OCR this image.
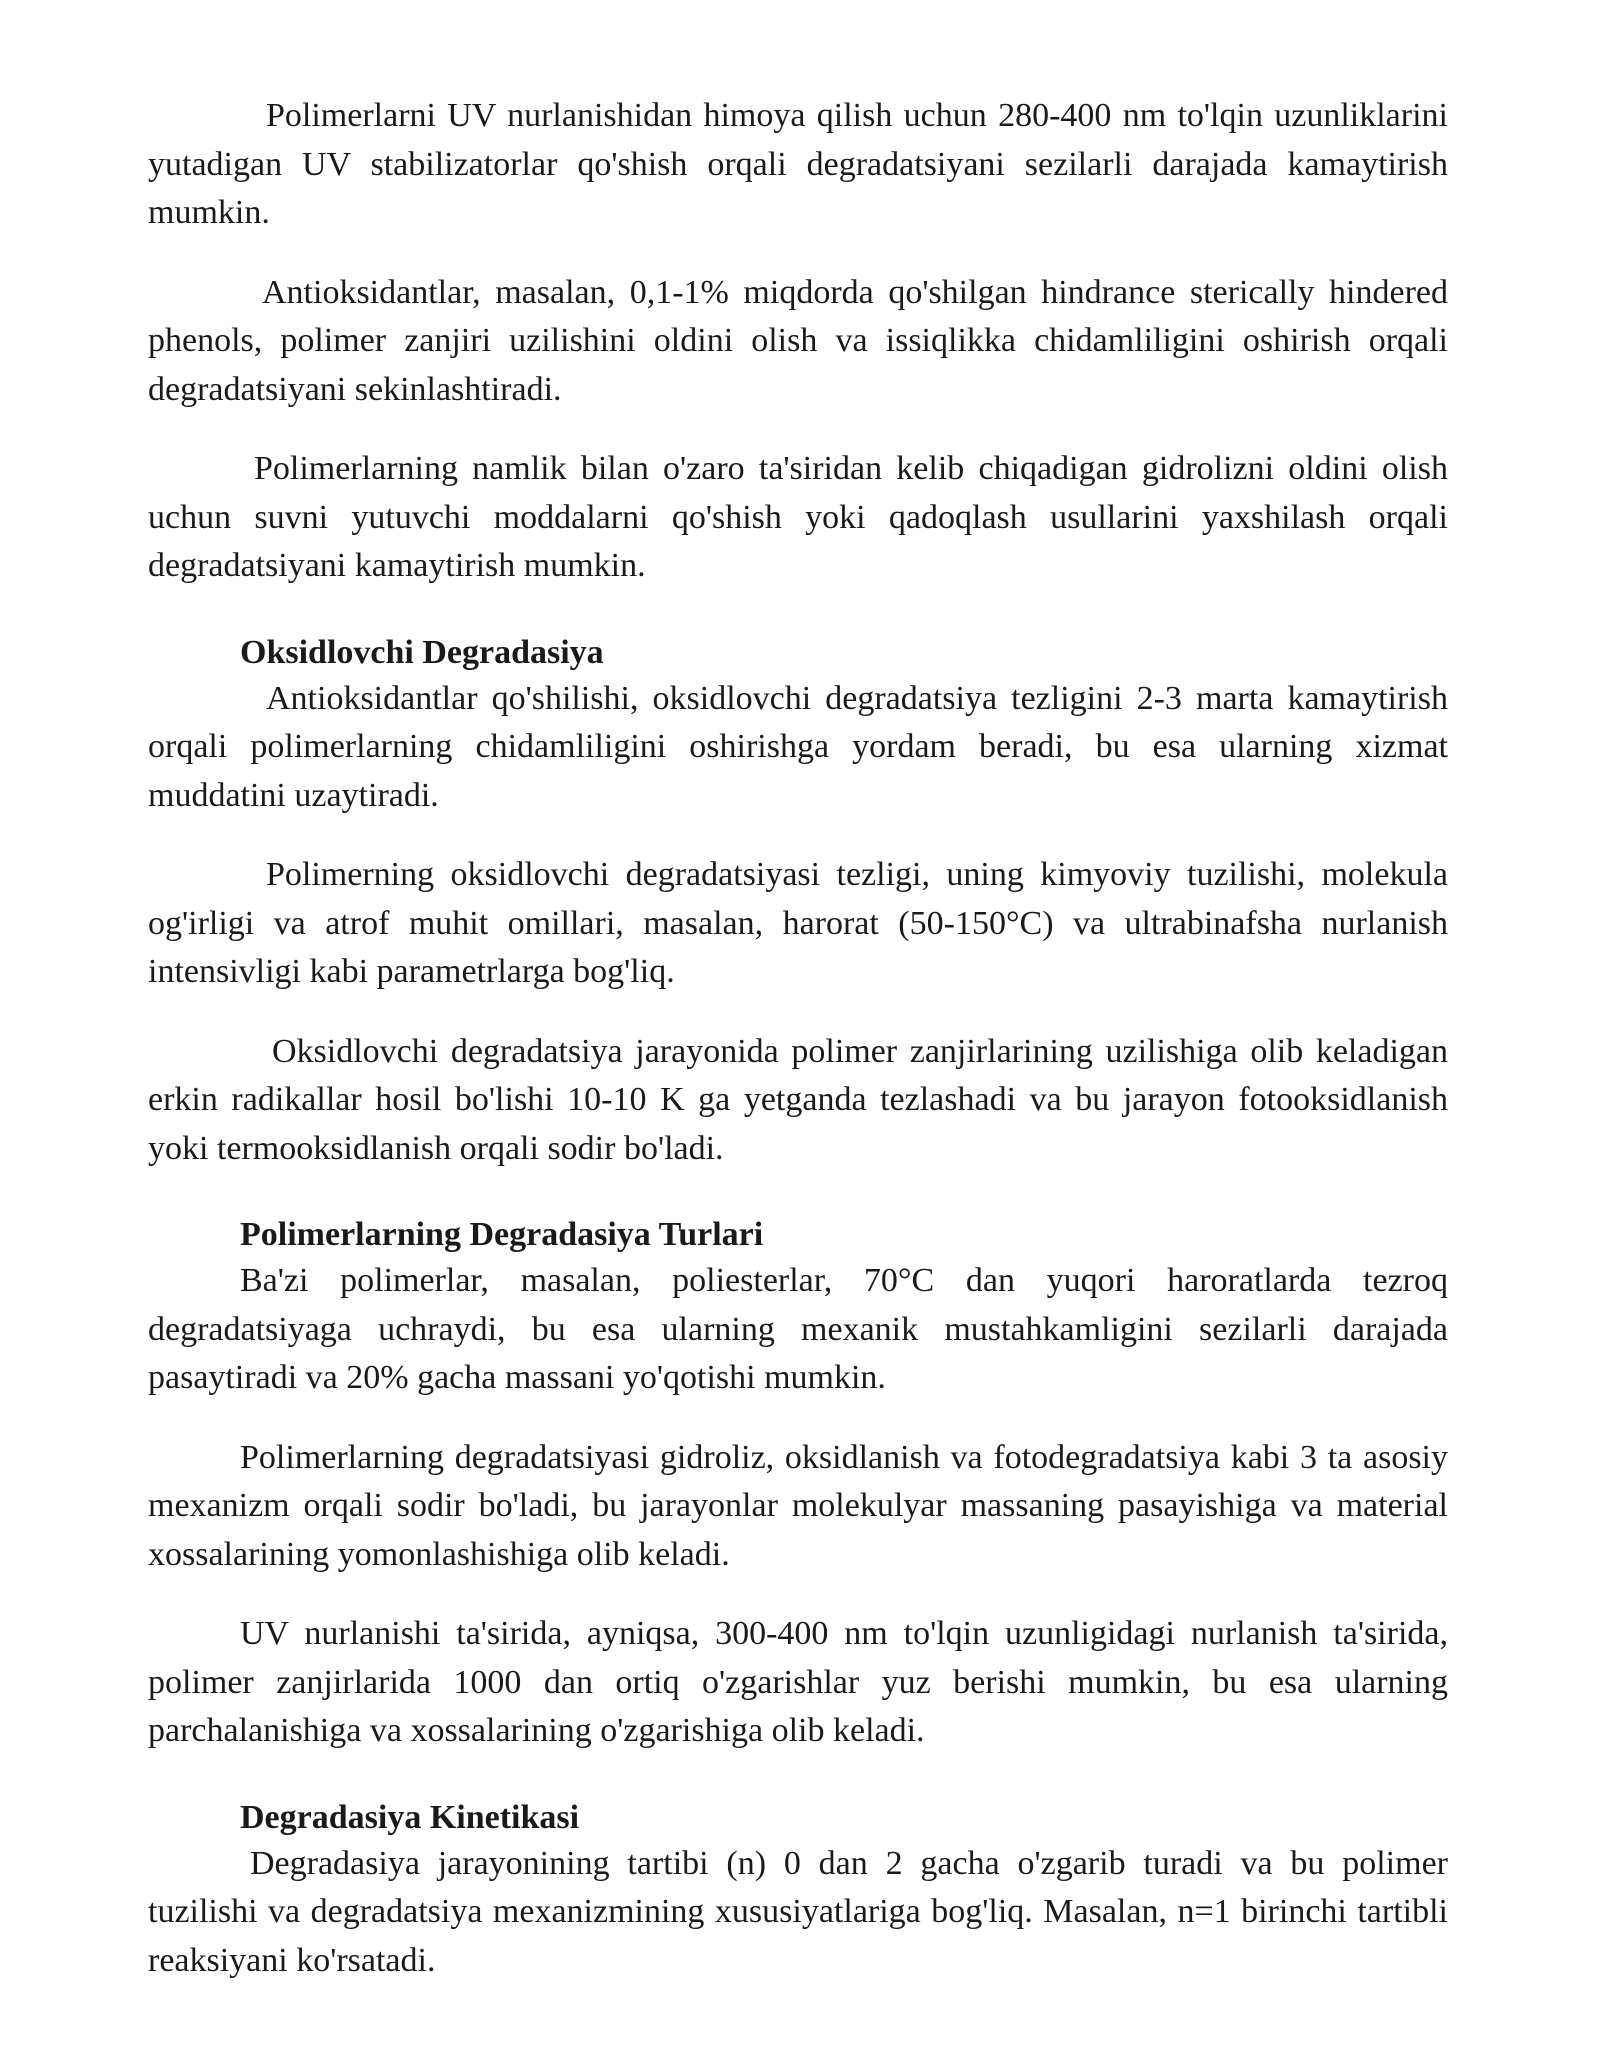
Polimerlarni UV nurlanishidan himoya qilish uchun 280-400 nm to'lqin uzunliklarini yutadigan UV stabilizatorlar qo'shish orqali degradatsiyani sezilarli darajada kamaytirish mumkin.

Antioksidantlar, masalan, 0,1-1% miqdorda qo'shilgan hindrance sterically hindered phenols, polimer zanjiri uzilishini oldini olish va issiqlikka chidamliligini oshirish orqali degradatsiyani sekinlashtiradi.

Polimerlarning namlik bilan o'zaro ta'siridan kelib chiqadigan gidrolizni oldini olish uchun suvni yutuvchi moddalarni qo'shish yoki qadoqlash usullarini yaxshilash orqali degradatsiyani kamaytirish mumkin.

Oksidlovchi Degradasiya

Antioksidantlar qo'shilishi, oksidlovchi degradatsiya tezligini 2-3 marta kamaytirish orqali polimerlarning chidamliligini oshirishga yordam beradi, bu esa ularning xizmat muddatini uzaytiradi.

Polimerning oksidlovchi degradatsiyasi tezligi, uning kimyoviy tuzilishi, molekula og'irligi va atrof muhit omillari, masalan, harorat (50-150°C) va ultrabinafsha nurlanish intensivligi kabi parametrlarga bog'liq.

Oksidlovchi degradatsiya jarayonida polimer zanjirlarining uzilishiga olib keladigan erkin radikallar hosil bo'lishi 10-10 K ga yetganda tezlashadi va bu jarayon fotooksidlanish yoki termooksidlanish orqali sodir bo'ladi.

Polimerlarning Degradasiya Turlari

Ba'zi polimerlar, masalan, poliesterlar, 70°C dan yuqori haroratlarda tezroq degradatsiyaga uchraydi, bu esa ularning mexanik mustahkamligini sezilarli darajada pasaytiradi va 20% gacha massani yo'qotishi mumkin.

Polimerlarning degradatsiyasi gidroliz, oksidlanish va fotodegradatsiya kabi 3 ta asosiy mexanizm orqali sodir bo'ladi, bu jarayonlar molekulyar massaning pasayishiga va material xossalarining yomonlashishiga olib keladi.

UV nurlanishi ta'sirida, ayniqsa, 300-400 nm to'lqin uzunligidagi nurlanish ta'sirida, polimer zanjirlarida 1000 dan ortiq o'zgarishlar yuz berishi mumkin, bu esa ularning parchalanishiga va xossalarining o'zgarishiga olib keladi.

Degradasiya Kinetikasi

Degradasiya jarayonining tartibi (n) 0 dan 2 gacha o'zgarib turadi va bu polimer tuzilishi va degradatsiya mexanizmining xususiyatlariga bog'liq. Masalan, n=1 birinchi tartibli reaksiyani ko'rsatadi.
